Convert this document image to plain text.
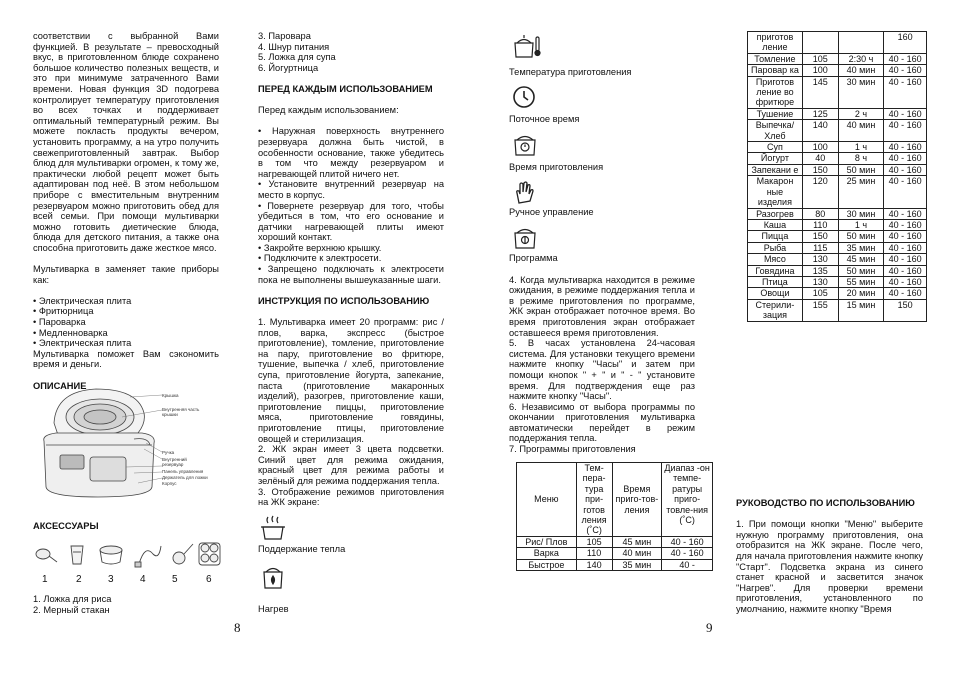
соответствии с выбранной Вами функцией. В результате – превосходный вкус, в приготовленном блюде сохранено большое количество полезных веществ, и это при минимуме затраченного Вами времени. Новая функция 3D подогрева контролирует температуру приготовления во всех точках и поддерживает оптимальный температурный режим. Вы можете покласть продукты вечером, установить программу, а на утро получить свежеприготовленный завтрак. Выбор блюд для мультиварки огромен, к тому же, практически любой рецепт может быть адаптирован под неё. В этом небольшом приборе с вместительным внутренним резервуаром можно приготовить обед для всей семьи. При помощи мультиварки можно готовить диетические блюда, блюда для детского питания, а также она способна приготовить даже жесткое мясо.

Мультиварка в заменяет такие приборы как:

• Электрическая плита

• Фритюрница

• Пароварка

• Медленноварка

• Электрическая плита

Мультиварка поможет Вам сэкономить время и деньги.

ОПИСАНИЕ

Крышка
Внутренняя часть крышки
Ручка
Внутренний резервуар
Панель управления
Держатель для ложки
Корпус

АКСЕССУАРЫ

1	2	3	4	5	6

1. Ложка для риса

2. Мерный стакан

3. Паровара

4. Шнур питания

5. Ложка для супа

6. Йогуртница

ПЕРЕД КАЖДЫМ ИСПОЛЬЗОВАНИЕМ

Перед каждым использованием:

• Наружная поверхность внутреннего резервуара должна быть чистой, в особенности основание, также убедитесь в том что между резервуаром и нагревающей плитой ничего нет.

• Установите внутренний резервуар на место в корпус.

• Повернете резервуар для того, чтобы убедиться в том, что его основание и датчики нагревающей плиты имеют хороший контакт.

• Закройте верхнюю крышку.

• Подключите к электросети.

• Запрещено подключать к электросети пока не выполнены вышеуказанные шаги.

ИНСТРУКЦИЯ ПО ИСПОЛЬЗОВАНИЮ

1. Мультиварка имеет 20 программ: рис / плов, варка, экспресс (быстрое приготовление), томление, приготовление на пару, приготовление во фритюре, тушение, выпечка / хлеб, приготовление супа, приготовление йогурта, запекание, паста (приготовление макаронных изделий), разогрев, приготовление каши, приготовление пиццы, приготовление мяса, приготовление говядины, приготовление птицы, приготовление овощей и стерилизация.

2. ЖК экран имеет 3 цвета подсветки. Синий цвет для режима ожидания, красный цвет для режима работы и зелёный для режима поддержания тепла.

3. Отображение режимов приготовления на ЖК экране:

Поддержание тепла

Нагрев

8

Температура приготовления

Поточное время

Время приготовления

Ручное управление

Программа

4. Когда мультиварка находится в режиме ожидания, в режиме поддержания тепла и в режиме приготовления по программе, ЖК экран отображает поточное время. Во время приготовления экран отображает оставшееся время приготовления.

5. В часах установлена 24-часовая система. Для установки текущего времени нажмите кнопку "Часы" и затем при помощи кнопок " + " и " - " установите время. Для подтверждения еще раз нажмите кнопку "Часы".

6. Независимо от выбора программы по окончании приготовления мультиварка автоматически перейдет в режим поддержания тепла.

7. Программы приготовления

Меню	Тем-пера-тура при-готов ления (˚C)	Время приго-тов-ления	Диапаз -он темпе-ратуры приго-товле-ния (˚C)
Рис/ Плов	105	45 мин	40 - 160
Варка	110	40 мин	40 - 160
Быстрое	140	35 мин	40 -
9
приготов ление			160
Томление	105	2:30 ч	40 - 160
Паровар ка	100	40 мин	40 - 160
Приготов ление во фритюре	145	30 мин	40 - 160
Тушение	125	2 ч	40 - 160
Выпечка/ Хлеб	140	40 мин	40 - 160
Суп	100	1 ч	40 - 160
Йогурт	40	8 ч	40 - 160
Запекани е	150	50 мин	40 - 160
Макарон ные изделия	120	25 мин	40 - 160
Разогрев	80	30 мин	40 - 160
Каша	110	1 ч	40 - 160
Пицца	150	50 мин	40 - 160
Рыба	115	35 мин	40 - 160
Мясо	130	45 мин	40 - 160
Говядина	135	50 мин	40 - 160
Птица	130	55 мин	40 - 160
Овощи	105	20 мин	40 - 160
Стерили- зация	155	15 мин	150

РУКОВОДСТВО ПО ИСПОЛЬЗОВАНИЮ

1. При помощи кнопки "Меню" выберите нужную программу приготовления, она отобразится на ЖК экране. После чего, для начала приготовления нажмите кнопку "Старт". Подсветка экрана из синего станет красной и засветится значок "Нагрев". Для проверки времени приготовления, установленного по умолчанию, нажмите кнопку "Время
